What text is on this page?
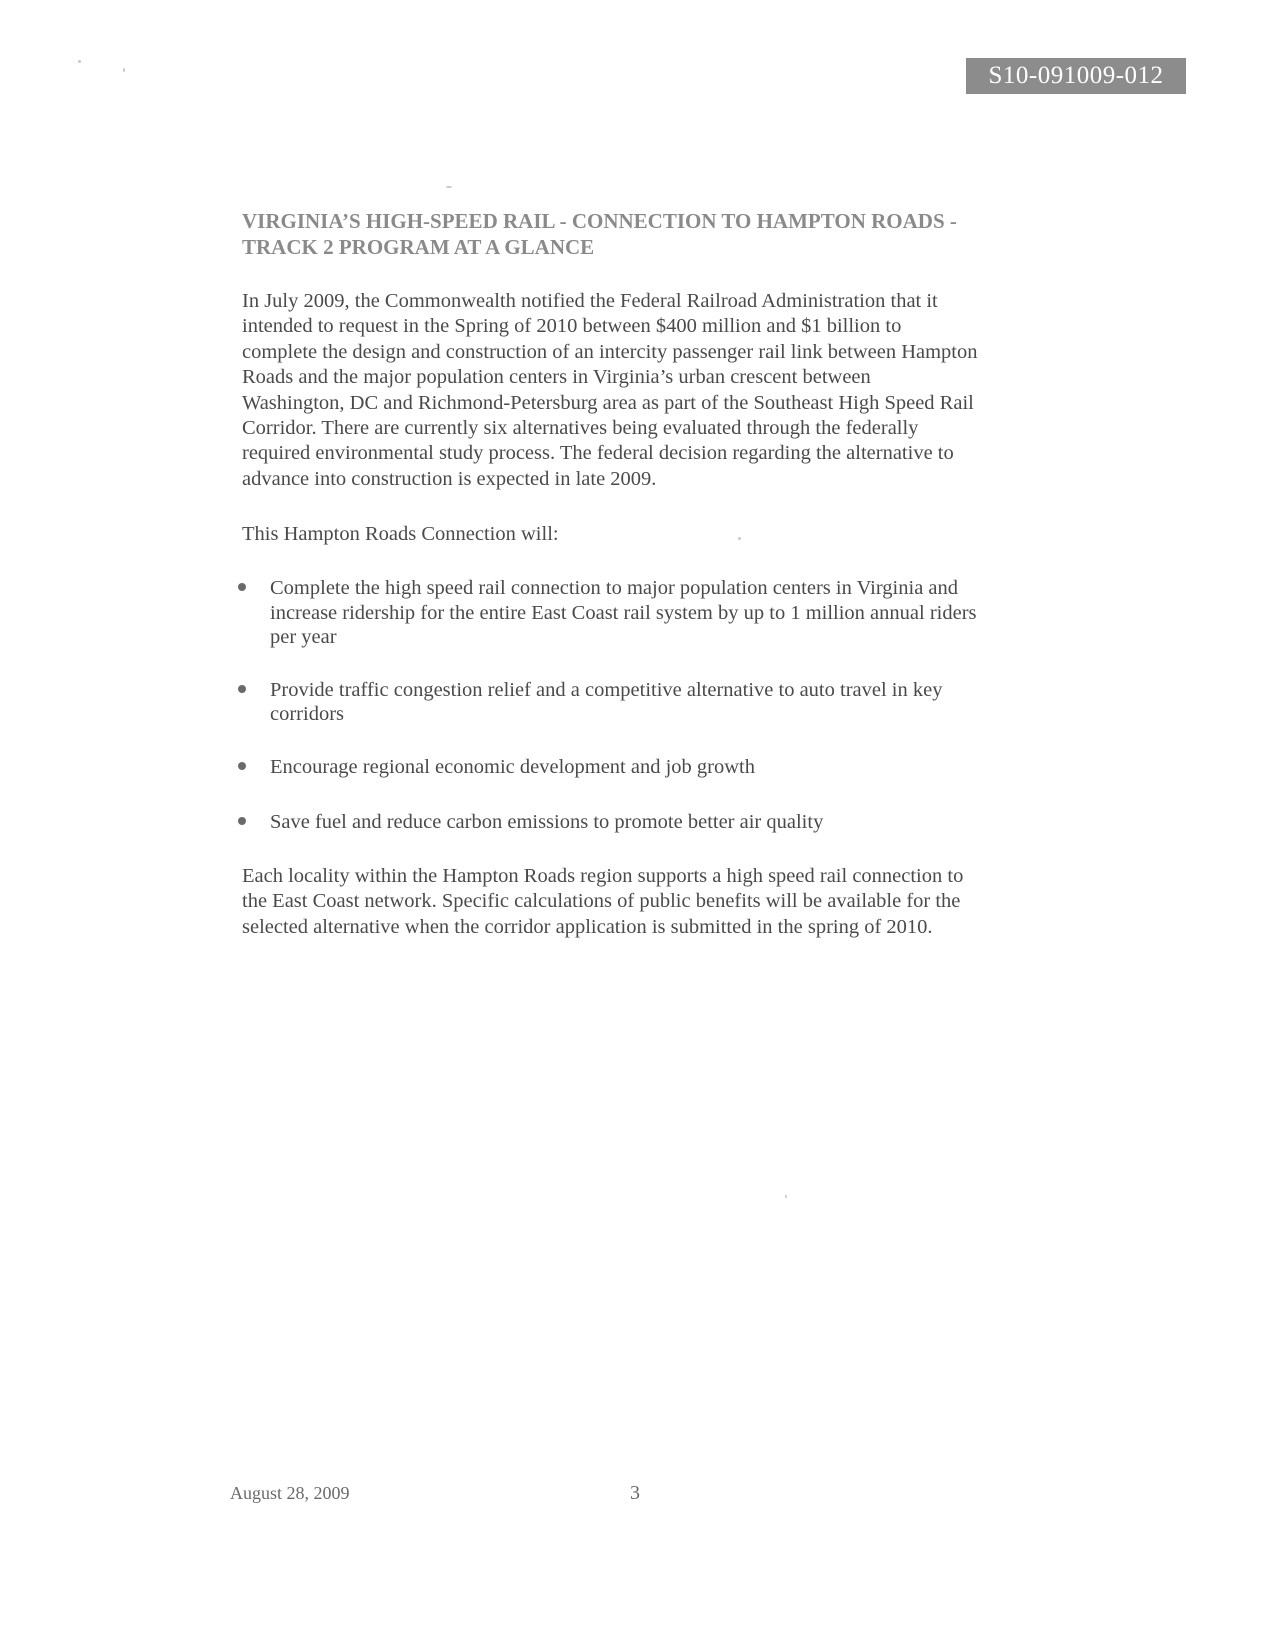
S10-091009-012
VIRGINIA’S HIGH-SPEED RAIL - CONNECTION TO HAMPTON ROADS -
TRACK 2 PROGRAM AT A GLANCE
In July 2009, the Commonwealth notified the Federal Railroad Administration that it
intended to request in the Spring of 2010 between $400 million and $1 billion to
complete the design and construction of an intercity passenger rail link between Hampton
Roads and the major population centers in Virginia’s urban crescent between
Washington, DC and Richmond-Petersburg area as part of the Southeast High Speed Rail
Corridor. There are currently six alternatives being evaluated through the federally
required environmental study process. The federal decision regarding the alternative to
advance into construction is expected in late 2009.
This Hampton Roads Connection will:
Complete the high speed rail connection to major population centers in Virginia and
increase ridership for the entire East Coast rail system by up to 1 million annual riders
per year
Provide traffic congestion relief and a competitive alternative to auto travel in key
corridors
Encourage regional economic development and job growth
Save fuel and reduce carbon emissions to promote better air quality
Each locality within the Hampton Roads region supports a high speed rail connection to
the East Coast network. Specific calculations of public benefits will be available for the
selected alternative when the corridor application is submitted in the spring of 2010.
August 28, 2009	3
